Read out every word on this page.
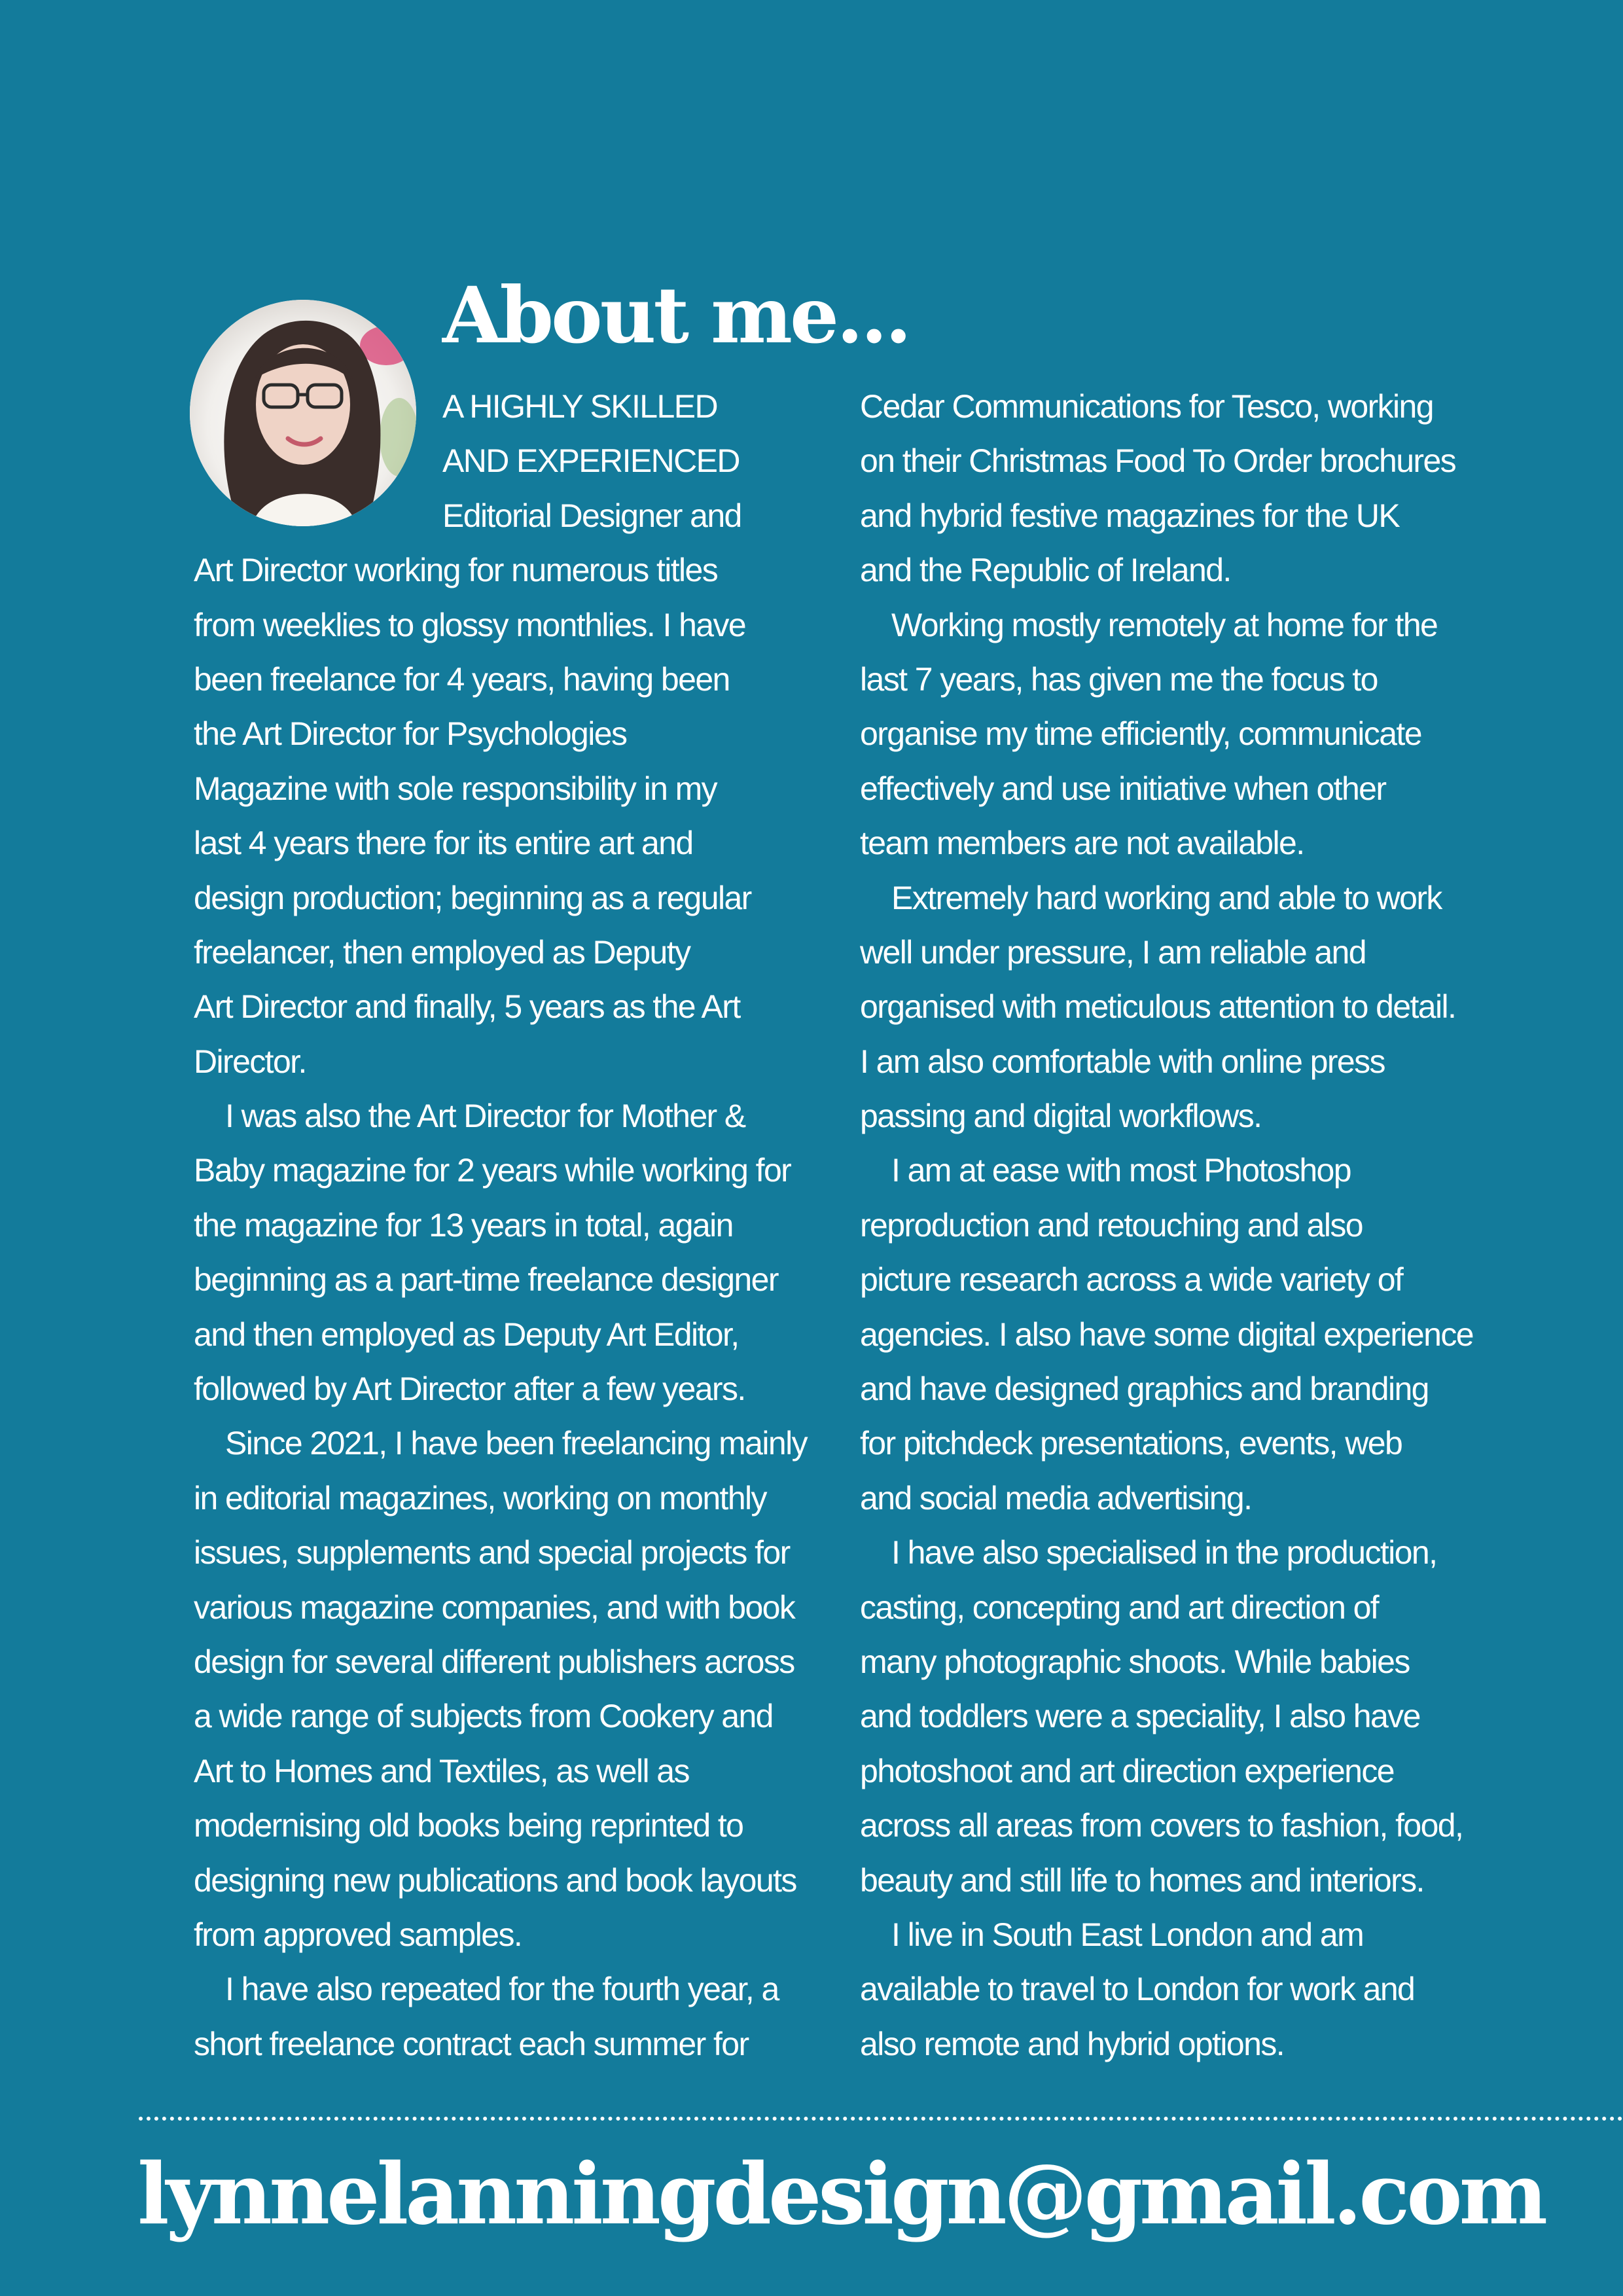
About me...
A HIGHLY SKILLED
AND EXPERIENCED
Editorial Designer and
Art Director working for numerous titles
from weeklies to glossy monthlies. I have
been freelance for 4 years, having been
the Art Director for Psychologies
Magazine with sole responsibility in my
last 4 years there for its entire art and
design production; beginning as a regular
freelancer, then employed as Deputy
Art Director and finally, 5 years as the Art
Director.
I was also the Art Director for Mother &
Baby magazine for 2 years while working for
the magazine for 13 years in total, again
beginning as a part-time freelance designer
and then employed as Deputy Art Editor,
followed by Art Director after a few years.
Since 2021, I have been freelancing mainly
in editorial magazines, working on monthly
issues, supplements and special projects for
various magazine companies, and with book
design for several different publishers across
a wide range of subjects from Cookery and
Art to Homes and Textiles, as well as
modernising old books being reprinted to
designing new publications and book layouts
from approved samples.
I have also repeated for the fourth year, a
short freelance contract each summer for
Cedar Communications for Tesco, working
on their Christmas Food To Order brochures
and hybrid festive magazines for the UK
and the Republic of Ireland.
Working mostly remotely at home for the
last 7 years, has given me the focus to
organise my time efficiently, communicate
effectively and use initiative when other
team members are not available.
Extremely hard working and able to work
well under pressure, I am reliable and
organised with meticulous attention to detail.
I am also comfortable with online press
passing and digital workflows.
I am at ease with most Photoshop
reproduction and retouching and also
picture research across a wide variety of
agencies. I also have some digital experience
and have designed graphics and branding
for pitchdeck presentations, events, web
and social media advertising.
I have also specialised in the production,
casting, concepting and art direction of
many photographic shoots. While babies
and toddlers were a speciality, I also have
photoshoot and art direction experience
across all areas from covers to fashion, food,
beauty and still life to homes and interiors.
I live in South East London and am
available to travel to London for work and
also remote and hybrid options.
lynnelanningdesign@gmail.com
